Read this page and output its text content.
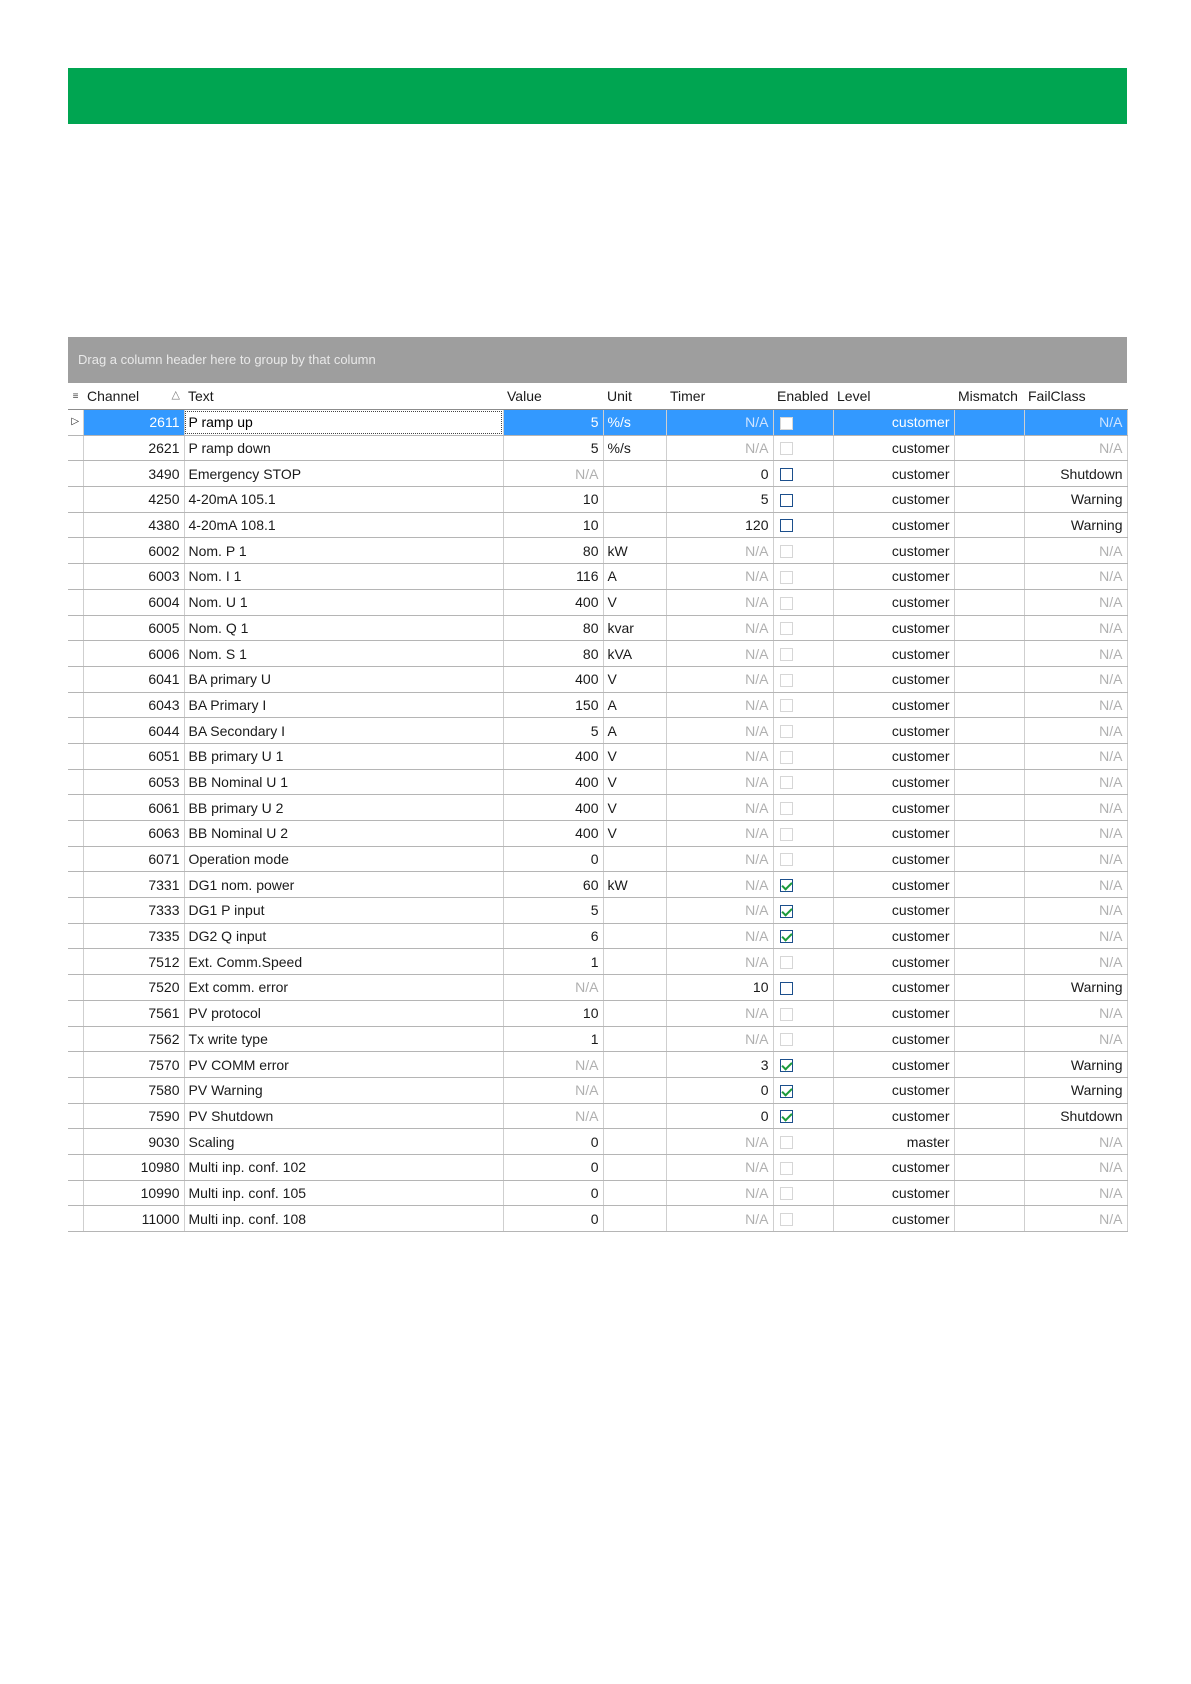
Drag a column header here to group by that column
≡	Channel △	Text	Value	Unit	Timer	Enabled	Level	Mismatch	FailClass
▷	2611	P ramp up	5	%/s	N/A		customer		N/A
	2621	P ramp down	5	%/s	N/A		customer		N/A
	3490	Emergency STOP	N/A		0		customer		Shutdown
	4250	4-20mA 105.1	10		5		customer		Warning
	4380	4-20mA 108.1	10		120		customer		Warning
	6002	Nom. P 1	80	kW	N/A		customer		N/A
	6003	Nom. I 1	116	A	N/A		customer		N/A
	6004	Nom. U 1	400	V	N/A		customer		N/A
	6005	Nom. Q 1	80	kvar	N/A		customer		N/A
	6006	Nom. S 1	80	kVA	N/A		customer		N/A
	6041	BA primary U	400	V	N/A		customer		N/A
	6043	BA Primary I	150	A	N/A		customer		N/A
	6044	BA Secondary I	5	A	N/A		customer		N/A
	6051	BB primary U 1	400	V	N/A		customer		N/A
	6053	BB Nominal U 1	400	V	N/A		customer		N/A
	6061	BB primary U 2	400	V	N/A		customer		N/A
	6063	BB Nominal U 2	400	V	N/A		customer		N/A
	6071	Operation mode	0		N/A		customer		N/A
	7331	DG1 nom. power	60	kW	N/A		customer		N/A
	7333	DG1 P input	5		N/A		customer		N/A
	7335	DG2 Q input	6		N/A		customer		N/A
	7512	Ext. Comm.Speed	1		N/A		customer		N/A
	7520	Ext comm. error	N/A		10		customer		Warning
	7561	PV protocol	10		N/A		customer		N/A
	7562	Tx write type	1		N/A		customer		N/A
	7570	PV COMM error	N/A		3		customer		Warning
	7580	PV Warning	N/A		0		customer		Warning
	7590	PV Shutdown	N/A		0		customer		Shutdown
	9030	Scaling	0		N/A		master		N/A
	10980	Multi inp. conf. 102	0		N/A		customer		N/A
	10990	Multi inp. conf. 105	0		N/A		customer		N/A
	11000	Multi inp. conf. 108	0		N/A		customer		N/A
